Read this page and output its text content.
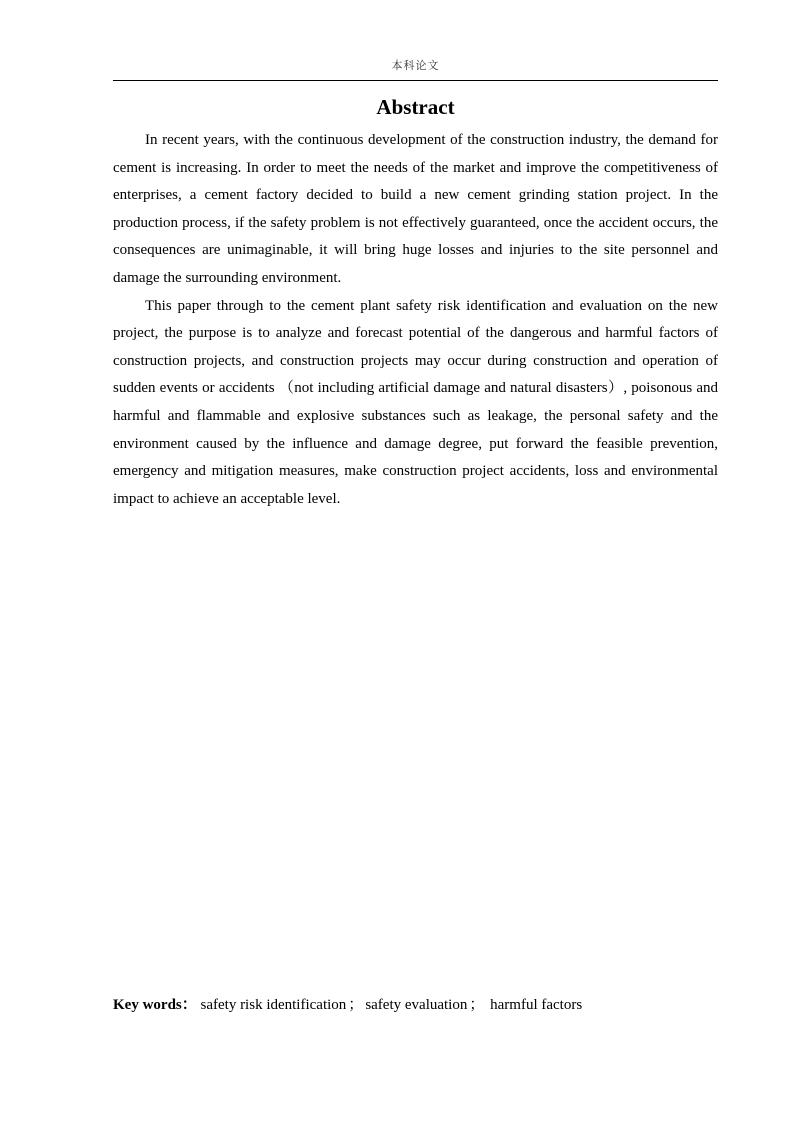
本科论文
Abstract

In recent years, with the continuous development of the construction industry, the demand for cement is increasing. In order to meet the needs of the market and improve the competitiveness of enterprises, a cement factory decided to build a new cement grinding station project. In the production process, if the safety problem is not effectively guaranteed, once the accident occurs, the consequences are unimaginable, it will bring huge losses and injuries to the site personnel and damage the surrounding environment.

This paper through to the cement plant safety risk identification and evaluation on the new project, the purpose is to analyze and forecast potential of the dangerous and harmful factors of construction projects, and construction projects may occur during construction and operation of sudden events or accidents （not including artificial damage and natural disasters）, poisonous and harmful and flammable and explosive substances such as leakage, the personal safety and the environment caused by the influence and damage degree, put forward the feasible prevention, emergency and mitigation measures, make construction project accidents, loss and environmental impact to achieve an acceptable level.

Key words： safety risk identification ； safety evaluation ； harmful factors
